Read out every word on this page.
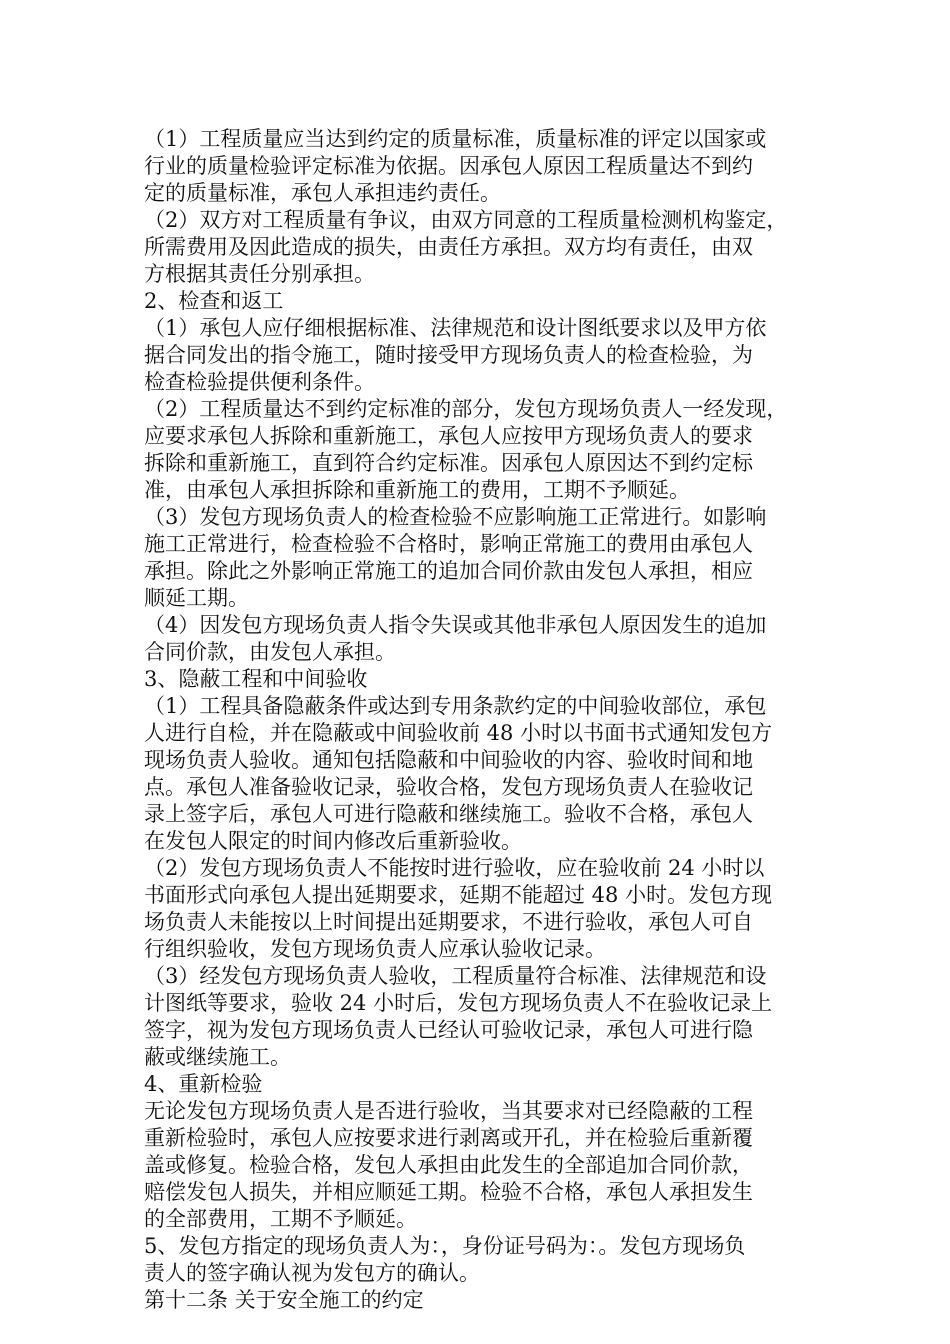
（1）工程质量应当达到约定的质量标准，质量标准的评定以国家或
行业的质量检验评定标准为依据。因承包人原因工程质量达不到约
定的质量标准，承包人承担违约责任。
（2）双方对工程质量有争议，由双方同意的工程质量检测机构鉴定，
所需费用及因此造成的损失，由责任方承担。双方均有责任，由双
方根据其责任分别承担。
2、检查和返工
（1）承包人应仔细根据标准、法律规范和设计图纸要求以及甲方依
据合同发出的指令施工，随时接受甲方现场负责人的检查检验，为
检查检验提供便利条件。
（2）工程质量达不到约定标准的部分，发包方现场负责人一经发现，
应要求承包人拆除和重新施工，承包人应按甲方现场负责人的要求
拆除和重新施工，直到符合约定标准。因承包人原因达不到约定标
准，由承包人承担拆除和重新施工的费用，工期不予顺延。
（3）发包方现场负责人的检查检验不应影响施工正常进行。如影响
施工正常进行，检查检验不合格时，影响正常施工的费用由承包人
承担。除此之外影响正常施工的追加合同价款由发包人承担，相应
顺延工期。
（4）因发包方现场负责人指令失误或其他非承包人原因发生的追加
合同价款，由发包人承担。
3、隐蔽工程和中间验收
（1）工程具备隐蔽条件或达到专用条款约定的中间验收部位，承包
人进行自检，并在隐蔽或中间验收前 48 小时以书面书式通知发包方
现场负责人验收。通知包括隐蔽和中间验收的内容、验收时间和地
点。承包人准备验收记录，验收合格，发包方现场负责人在验收记
录上签字后，承包人可进行隐蔽和继续施工。验收不合格，承包人
在发包人限定的时间内修改后重新验收。
（2）发包方现场负责人不能按时进行验收，应在验收前 24 小时以
书面形式向承包人提出延期要求，延期不能超过 48 小时。发包方现
场负责人未能按以上时间提出延期要求，不进行验收，承包人可自
行组织验收，发包方现场负责人应承认验收记录。
（3）经发包方现场负责人验收，工程质量符合标准、法律规范和设
计图纸等要求，验收 24 小时后，发包方现场负责人不在验收记录上
签字，视为发包方现场负责人已经认可验收记录，承包人可进行隐
蔽或继续施工。
4、重新检验
无论发包方现场负责人是否进行验收，当其要求对已经隐蔽的工程
重新检验时，承包人应按要求进行剥离或开孔，并在检验后重新覆
盖或修复。检验合格，发包人承担由此发生的全部追加合同价款，
赔偿发包人损失，并相应顺延工期。检验不合格，承包人承担发生
的全部费用，工期不予顺延。
5、发包方指定的现场负责人为：，身份证号码为：。发包方现场负
责人的签字确认视为发包方的确认。
第十二条 关于安全施工的约定
